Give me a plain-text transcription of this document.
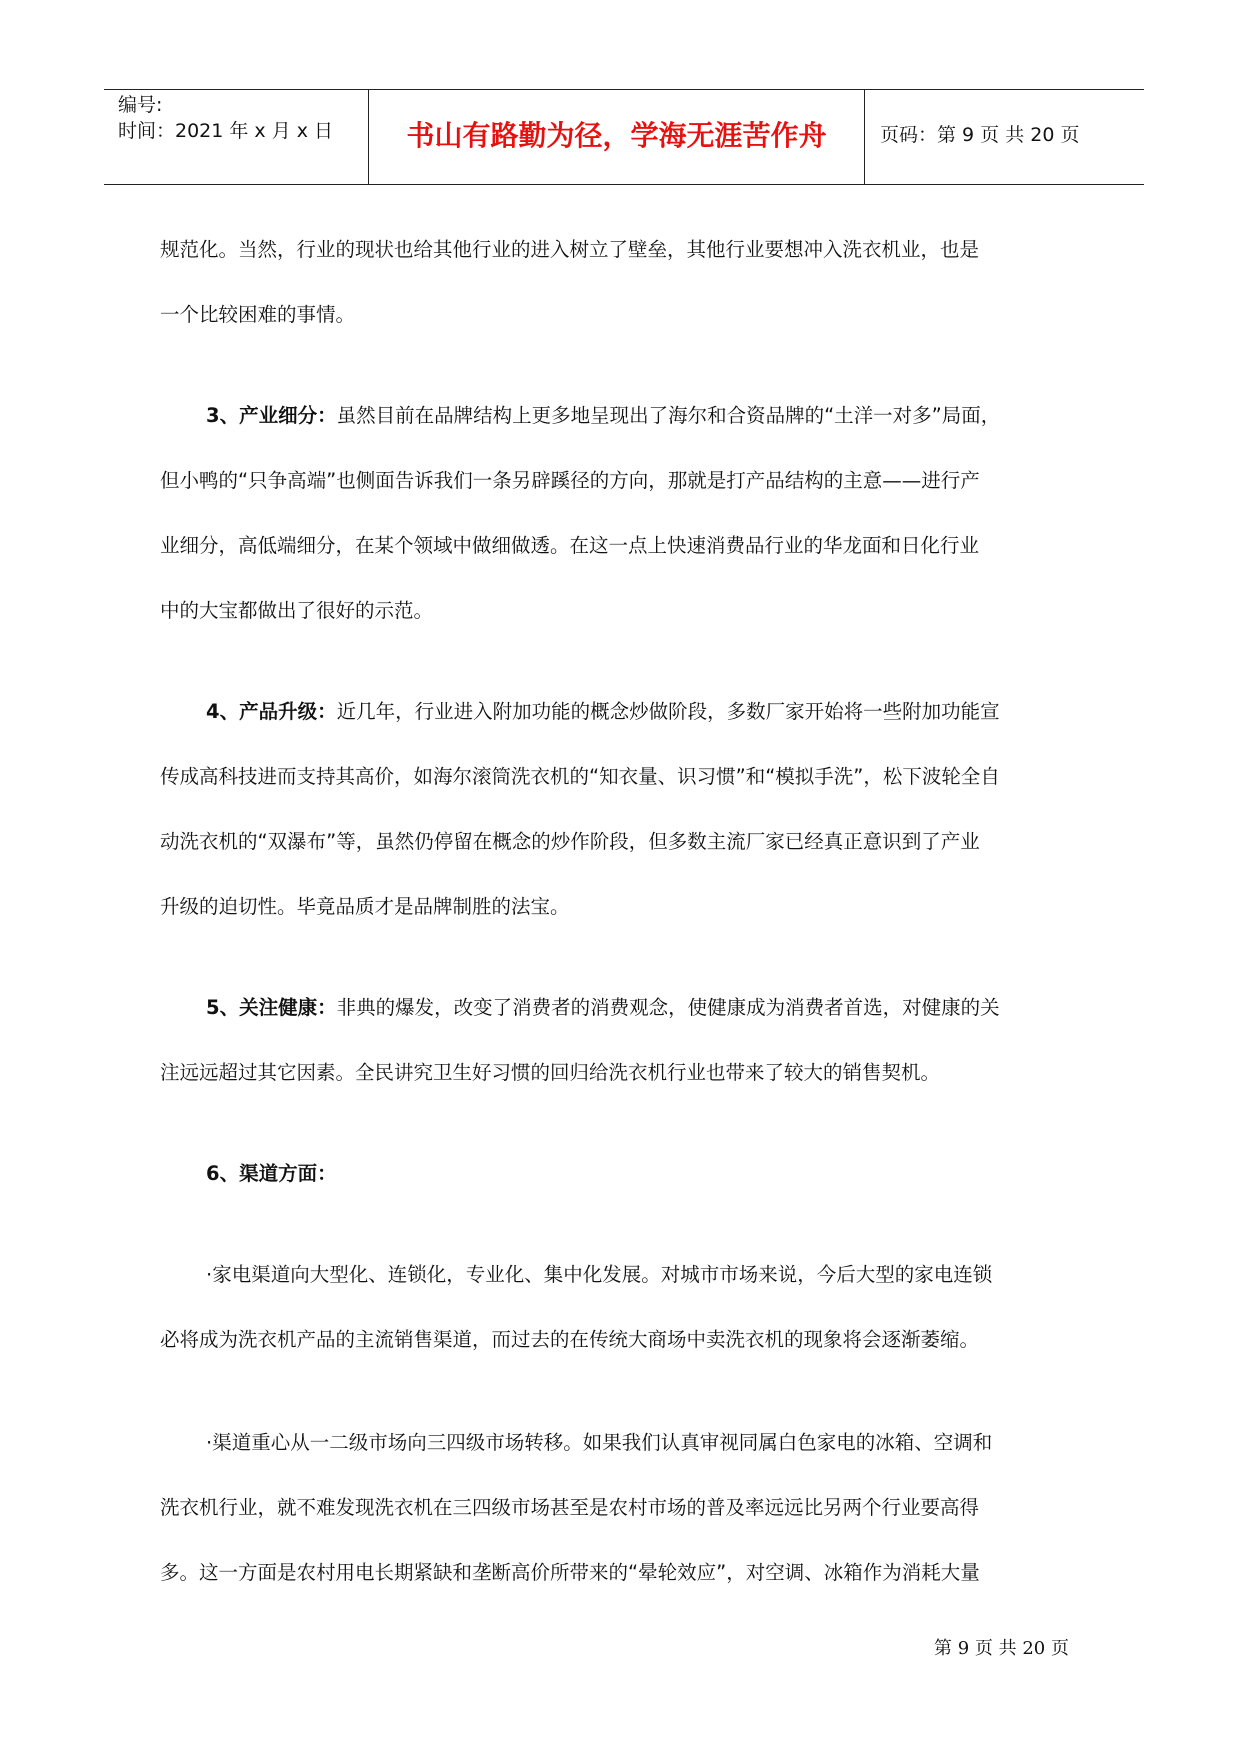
编号:
时间：2021 年 x 月 x 日	书山有路勤为径，学海无涯苦作舟	页码：第 9 页 共 20 页
规范化。当然，行业的现状也给其他行业的进入树立了壁垒，其他行业要想冲入洗衣机业，也是
一个比较困难的事情。
3、产业细分：虽然目前在品牌结构上更多地呈现出了海尔和合资品牌的“土洋一对多”局面，
但小鸭的“只争高端”也侧面告诉我们一条另辟蹊径的方向，那就是打产品结构的主意——进行产
业细分，高低端细分，在某个领域中做细做透。在这一点上快速消费品行业的华龙面和日化行业
中的大宝都做出了很好的示范。
4、产品升级：近几年，行业进入附加功能的概念炒做阶段，多数厂家开始将一些附加功能宣
传成高科技进而支持其高价，如海尔滚筒洗衣机的“知衣量、识习惯”和“模拟手洗”，松下波轮全自
动洗衣机的“双瀑布”等，虽然仍停留在概念的炒作阶段，但多数主流厂家已经真正意识到了产业
升级的迫切性。毕竟品质才是品牌制胜的法宝。
5、关注健康：非典的爆发，改变了消费者的消费观念，使健康成为消费者首选，对健康的关
注远远超过其它因素。全民讲究卫生好习惯的回归给洗衣机行业也带来了较大的销售契机。
6、渠道方面：
·家电渠道向大型化、连锁化，专业化、集中化发展。对城市市场来说，今后大型的家电连锁
必将成为洗衣机产品的主流销售渠道，而过去的在传统大商场中卖洗衣机的现象将会逐渐萎缩。
·渠道重心从一二级市场向三四级市场转移。如果我们认真审视同属白色家电的冰箱、空调和
洗衣机行业，就不难发现洗衣机在三四级市场甚至是农村市场的普及率远远比另两个行业要高得
多。这一方面是农村用电长期紧缺和垄断高价所带来的“晕轮效应”，对空调、冰箱作为消耗大量
第 9 页 共 20 页
